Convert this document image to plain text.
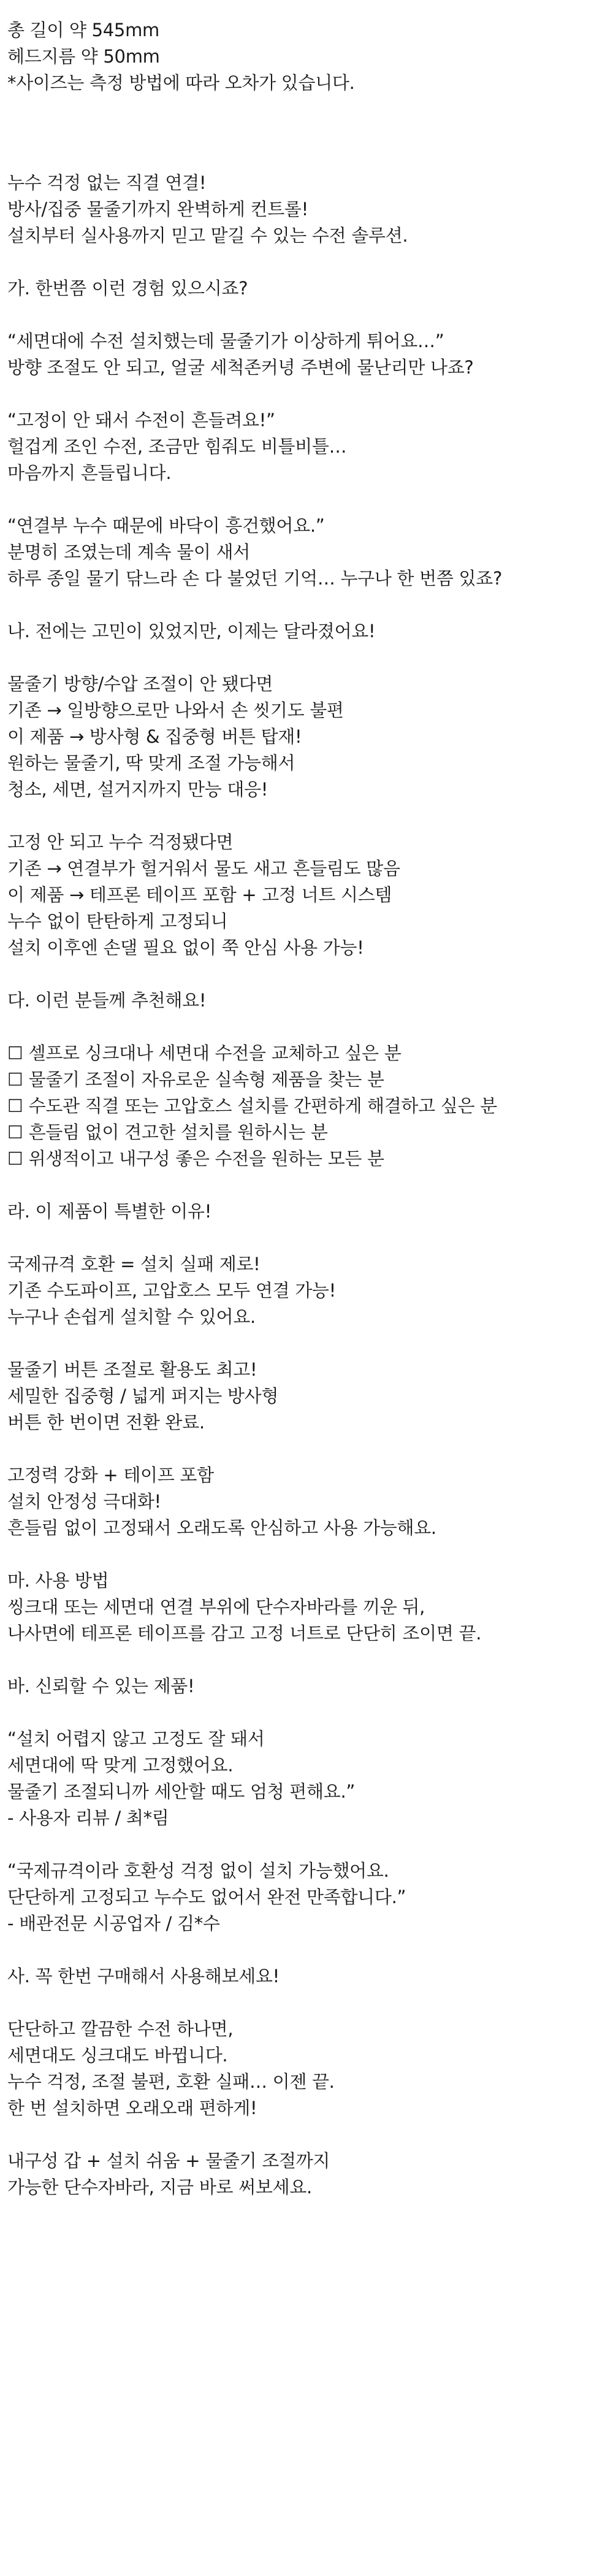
총 길이 약 545mm
헤드지름 약 50mm
*사이즈는 측정 방법에 따라 오차가 있습니다.
누수 걱정 없는 직결 연결!
방사/집중 물줄기까지 완벽하게 컨트롤!
설치부터 실사용까지 믿고 맡길 수 있는 수전 솔루션.
가. 한번쯤 이런 경험 있으시죠?
“세면대에 수전 설치했는데 물줄기가 이상하게 튀어요…”
방향 조절도 안 되고, 얼굴 세척존커녕 주변에 물난리만 나죠?
“고정이 안 돼서 수전이 흔들려요!”
헐겁게 조인 수전, 조금만 힘줘도 비틀비틀…
마음까지 흔들립니다.
“연결부 누수 때문에 바닥이 흥건했어요.”
분명히 조였는데 계속 물이 새서
하루 종일 물기 닦느라 손 다 불었던 기억… 누구나 한 번쯤 있죠?
나. 전에는 고민이 있었지만, 이제는 달라졌어요!
물줄기 방향/수압 조절이 안 됐다면
기존 → 일방향으로만 나와서 손 씻기도 불편
이 제품 → 방사형 & 집중형 버튼 탑재!
원하는 물줄기, 딱 맞게 조절 가능해서
청소, 세면, 설거지까지 만능 대응!
고정 안 되고 누수 걱정됐다면
기존 → 연결부가 헐거워서 물도 새고 흔들림도 많음
이 제품 → 테프론 테이프 포함 + 고정 너트 시스템
누수 없이 탄탄하게 고정되니
설치 이후엔 손댈 필요 없이 쭉 안심 사용 가능!
다. 이런 분들께 추천해요!
☐ 셀프로 싱크대나 세면대 수전을 교체하고 싶은 분
☐ 물줄기 조절이 자유로운 실속형 제품을 찾는 분
☐ 수도관 직결 또는 고압호스 설치를 간편하게 해결하고 싶은 분
☐ 흔들림 없이 견고한 설치를 원하시는 분
☐ 위생적이고 내구성 좋은 수전을 원하는 모든 분
라. 이 제품이 특별한 이유!
국제규격 호환 = 설치 실패 제로!
기존 수도파이프, 고압호스 모두 연결 가능!
누구나 손쉽게 설치할 수 있어요.
물줄기 버튼 조절로 활용도 최고!
세밀한 집중형 / 넓게 퍼지는 방사형
버튼 한 번이면 전환 완료.
고정력 강화 + 테이프 포함
설치 안정성 극대화!
흔들림 없이 고정돼서 오래도록 안심하고 사용 가능해요.
마. 사용 방법
씽크대 또는 세면대 연결 부위에 단수자바라를 끼운 뒤,
나사면에 테프론 테이프를 감고 고정 너트로 단단히 조이면 끝.
바. 신뢰할 수 있는 제품!
“설치 어렵지 않고 고정도 잘 돼서
세면대에 딱 맞게 고정했어요.
물줄기 조절되니까 세안할 때도 엄청 편해요.”
- 사용자 리뷰 / 최*림
“국제규격이라 호환성 걱정 없이 설치 가능했어요.
단단하게 고정되고 누수도 없어서 완전 만족합니다.”
- 배관전문 시공업자 / 김*수
사. 꼭 한번 구매해서 사용해보세요!
단단하고 깔끔한 수전 하나면,
세면대도 싱크대도 바뀝니다.
누수 걱정, 조절 불편, 호환 실패… 이젠 끝.
한 번 설치하면 오래오래 편하게!
내구성 갑 + 설치 쉬움 + 물줄기 조절까지
가능한 단수자바라, 지금 바로 써보세요.
